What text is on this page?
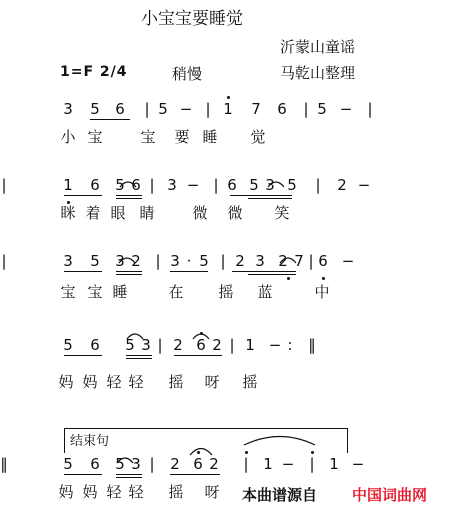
小宝宝要睡觉
沂蒙山童谣
马乾山整理
1=F 2/4	稍慢
3 5 6 | 5 − | 1 7 6 | 5 − |
小 宝	宝 要 睡 觉
1 6 5 6 | 3 − | 6 5 3 5 | 2 −
|
眯 着 眼 睛	微 微 笑
3 5 3 2 | 3 · 5 | 2 3 2 7 | 6 −
|
宝 宝 睡	在 摇 蓝	中
5 6 5 3 | 2 6 2 | 1 − : ‖
妈 妈 轻 轻 摇 呀 摇
5 6 5 3 | 2 6 2 | 1 − | 1 −
‖
妈 妈 轻 轻 摇 呀
结束句
本曲谱源自 中国词曲网
